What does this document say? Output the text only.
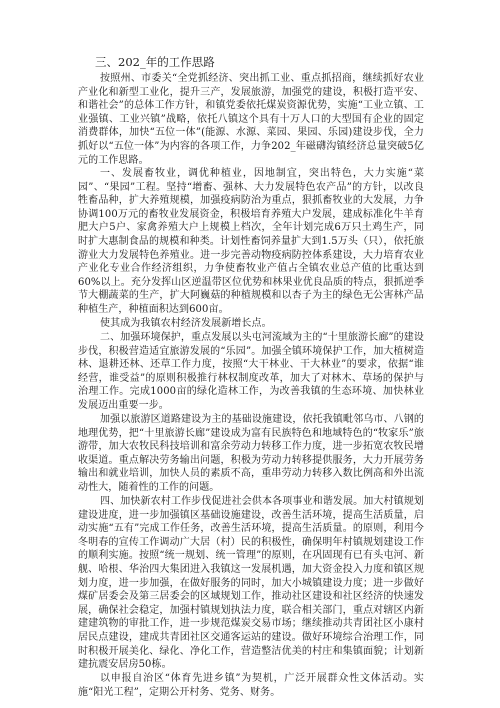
三、202_年的工作思路
按照州、市委关“全党抓经济、突出抓工业、重点抓招商，继续抓好农业产业化和新型工业化，提升三产，发展旅游，加强党的建设，积极打造平安、和谐社会”的总体工作方针，和镇党委依托煤炭资源优势，实施“工业立镇、工业强镇、工业兴镇”战略，依托八镇这个具有十万人口的大型国有企业的固定消费群体，加快“五位一体”(能源、水源、菜园、果园、乐园)建设步伐，全力抓好以“五位一体”为内容的各项工作，力争202_年磁礴沟镇经济总量突破5亿元的工作思路。
一、发展畜牧业，调优种植业，因地制宜，突出特色，大力实施“菜园”、“果园”工程。坚持“增畜、强林、大力发展特色农产品”的方针，以改良牲畜品种，扩大养殖规模，加强疫病防治为重点，狠抓畜牧业的大发展，力争协调100万元的畜牧业发展资金，积极培育养殖大户发展，建成标准化牛羊育肥大户5户、家禽养殖大户上规模上档次，全年计划完成6万只土鸡生产，同时扩大惠制食品的规模和种类。计划性畜饲养量扩大到1.5万头（只），依托旅游业大力发展特色养殖业。进一步完善动物疫病防控体系建设，大力培育农业产业化专业合作经济组织，力争使畜牧业产值占全镇农业总产值的比重达到60%以上。充分发挥山区逆温带区位优势和林果业优良品质的特点，狠抓逆季节大棚蔬菜的生产，扩大阿巍菇的种植规模和以杏子为主的绿色无公害林产品种植生产，种植面积达到600亩。
使其成为我镇农村经济发展新增长点。
二、加强环境保护，重点发展以头屯河流域为主的“十里旅游长廊”的建设步伐，积极营造适宜旅游发展的“乐园”。加强全镇环境保护工作，加大植树造林、退耕还林、还草工作力度，按照“大干林业、干大林业”的要求，依据“谁经营，谁受益”的原则积极推行林权制度改革，加大了对林木、草场的保护与治理工作。完成1000亩的绿化造林工作，为改善我镇的生态环境、加快林业发展迈出重要一步。
加强以旅游区道路建设为主的基础设施建设，依托我镇毗邻乌市、八钢的地理优势，把“十里旅游长廊”建设成为富有民族特色和地域特色的“牧家乐”旅游带，加大农牧民科技培训和富余劳动力转移工作力度，进一步拓宽农牧民增收渠道。重点解决劳务输出问题，积极为劳动力转移提供服务，大力开展劳务输出和就业培训，加快人员的素质不高，重串劳动力转移入数比例高和外出流动性大，随着性的工作的问题。
四、加快新农村工作步伐促进社会供本各项事业和谐发展。加大村镇规划建设进度，进一步加强镇区基础设施建设，改善生活环境，提高生活质量，启动实施“五有”完成工作任务，改善生活环境，提高生活质量。的原则，利用今冬明春的宣传工作调动广大居（村）民的积极性，确保明年村镇规划建设工作的顺利实施。按照“统一规划、统一管理”的原则，在巩固现有已有头屯河、新舰、哈根、华治四大集团进入我镇这一发展机遇，加大资金投入力度和镇区规划力度，进一步加强，在做好服务的同时，加大小城镇建设力度；进一步做好煤矿居委会及第三居委会的区域规划工作，推动社区建设和社区经济的快速发展，确保社会稳定，加强村镇规划执法力度，联合相关部门，重点对辖区内新建建筑物的审批工作，进一步规范煤炭交易市场；继续推动共青团社区小康村居民点建设，建成共青团社区交通客运站的建设。做好环境综合治理工作，同时积极开展美化、绿化、净化工作，营造整洁优美的村庄和集镇面貌；计划新建抗震安居房50栋。
以申报自治区“体育先进乡镇”为契机，广泛开展群众性文体活动。实施“阳光工程”，定期公开村务、党务、财务。
